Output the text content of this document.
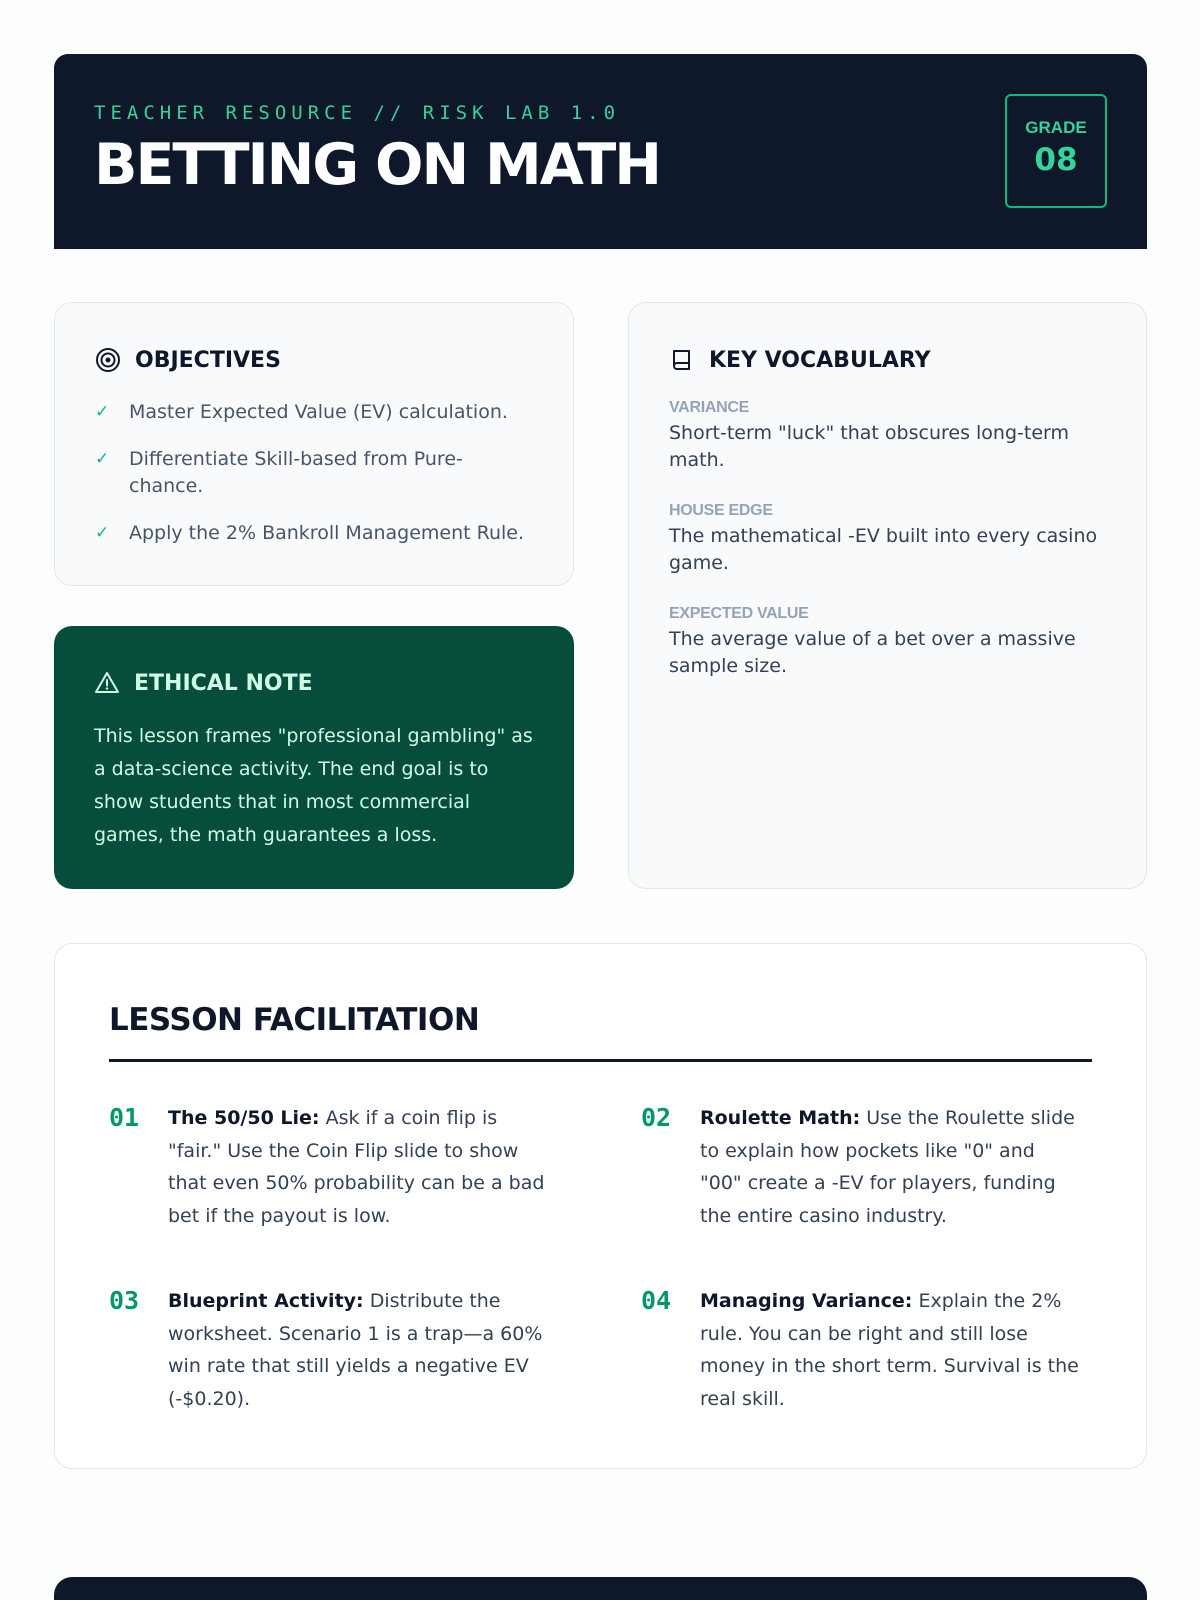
TEACHER RESOURCE // RISK LAB 1.0
BETTING ON MATH
GRADE
08
OBJECTIVES
✓	Master Expected Value (EV) calculation.
✓	Differentiate Skill-based from Pure-chance.
✓	Apply the 2% Bankroll Management Rule.
ETHICAL NOTE

This lesson frames "professional gambling" as a data-science activity. The end goal is to show students that in most commercial games, the math guarantees a loss.

KEY VOCABULARY
VARIANCE
Short-term "luck" that obscures long-term math.
HOUSE EDGE
The mathematical -EV built into every casino game.
EXPECTED VALUE
The average value of a bet over a massive sample size.
LESSON FACILITATION
01	The 50/50 Lie: Ask if a coin flip is "fair." Use the Coin Flip slide to show that even 50% probability can be a bad bet if the payout is low.

02	Roulette Math: Use the Roulette slide to explain how pockets like "0" and "00" create a -EV for players, funding the entire casino industry.

03	Blueprint Activity: Distribute the worksheet. Scenario 1 is a trap—a 60% win rate that still yields a negative EV (-$0.20).

04	Managing Variance: Explain the 2% rule. You can be right and still lose money in the short term. Survival is the real skill.
